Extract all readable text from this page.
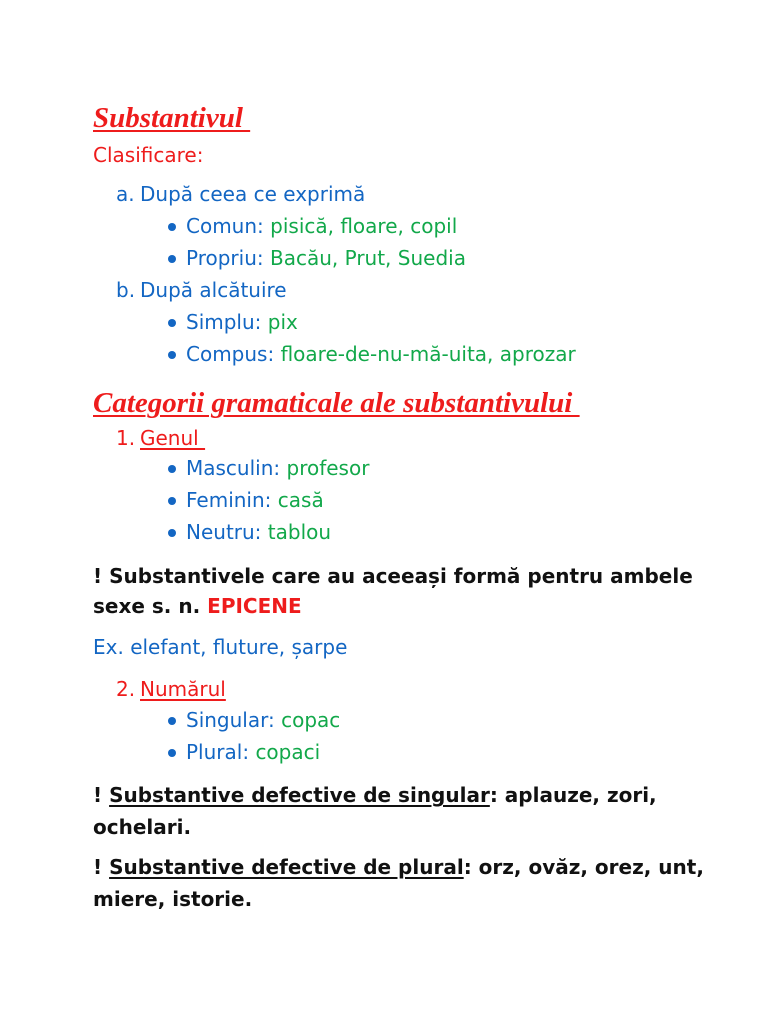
Substantivul
Clasificare:
a. După ceea ce exprimă
Comun: pisică, floare, copil
Propriu: Bacău, Prut, Suedia
b. După alcătuire
Simplu: pix
Compus: floare-de-nu-mă-uita, aprozar
Categorii gramaticale ale substantivului
1. Genul
Masculin: profesor
Feminin: casă
Neutru: tablou
! Substantivele care au aceeași formă pentru ambele
sexe s. n. EPICENE
Ex. elefant, fluture, șarpe
2. Numărul
Singular: copac
Plural: copaci
! Substantive defective de singular: aplauze, zori,
ochelari.
! Substantive defective de plural: orz, ovăz, orez, unt,
miere, istorie.
